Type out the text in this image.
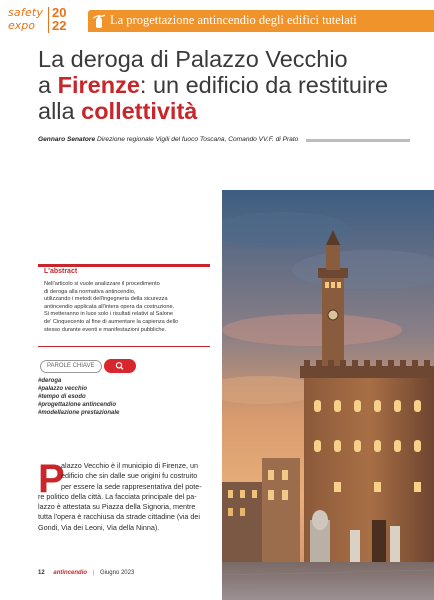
safety
expo
20
22	La progettazione antincendio degli edifici tutelati
La deroga di Palazzo Vecchio
a Firenze: un edificio da restituire
alla collettività
Gennaro Senatore Direzione regionale Vigili del fuoco Toscana, Comando VV.F. di Prato
L'abstract

Nell'articolo si vuole analizzare il procedimento

di deroga alla normativa antincendio,

utilizzando i metodi dell'ingegneria della sicurezza

antincendio applicata all'intera opera da costruzione.

Si metteranno in luce solo i risultati relativi al Salone

de' Cinquecento al fine di aumentare la capienza dello

stesso durante eventi e manifestazioni pubbliche.

PAROLE CHIAVE
#deroga
#palazzo vecchio
#tempo di esodo
#progettazione antincendio
#modellazione prestazionale
P
alazzo Vecchio è il municipio di Firenze, un
edificio che sin dalle sue origini fu costruito
per essere la sede rappresentativa del pote-
re politico della città. La facciata principale del pa-
lazzo è attestata su Piazza della Signoria, mentre
tutta l'opera è racchiusa da strade cittadine (via dei
Gondi, Via dei Leoni, Via della Ninna).
12 antincendio | Giugno 2023
